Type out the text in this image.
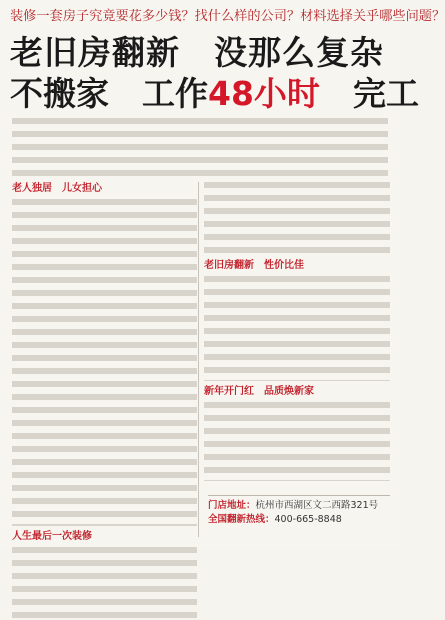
装修一套房子究竟要花多少钱？找什么样的公司？材料选择关乎哪些问题？
老旧房翻新　没那么复杂
不搬家　工作48小时　完工
老人独居　儿女担心
人生最后一次装修
老旧房翻新　性价比佳
新年开门红　品质焕新家
门店地址：杭州市西湖区文二西路321号
全国翻新热线：400-665-8848
